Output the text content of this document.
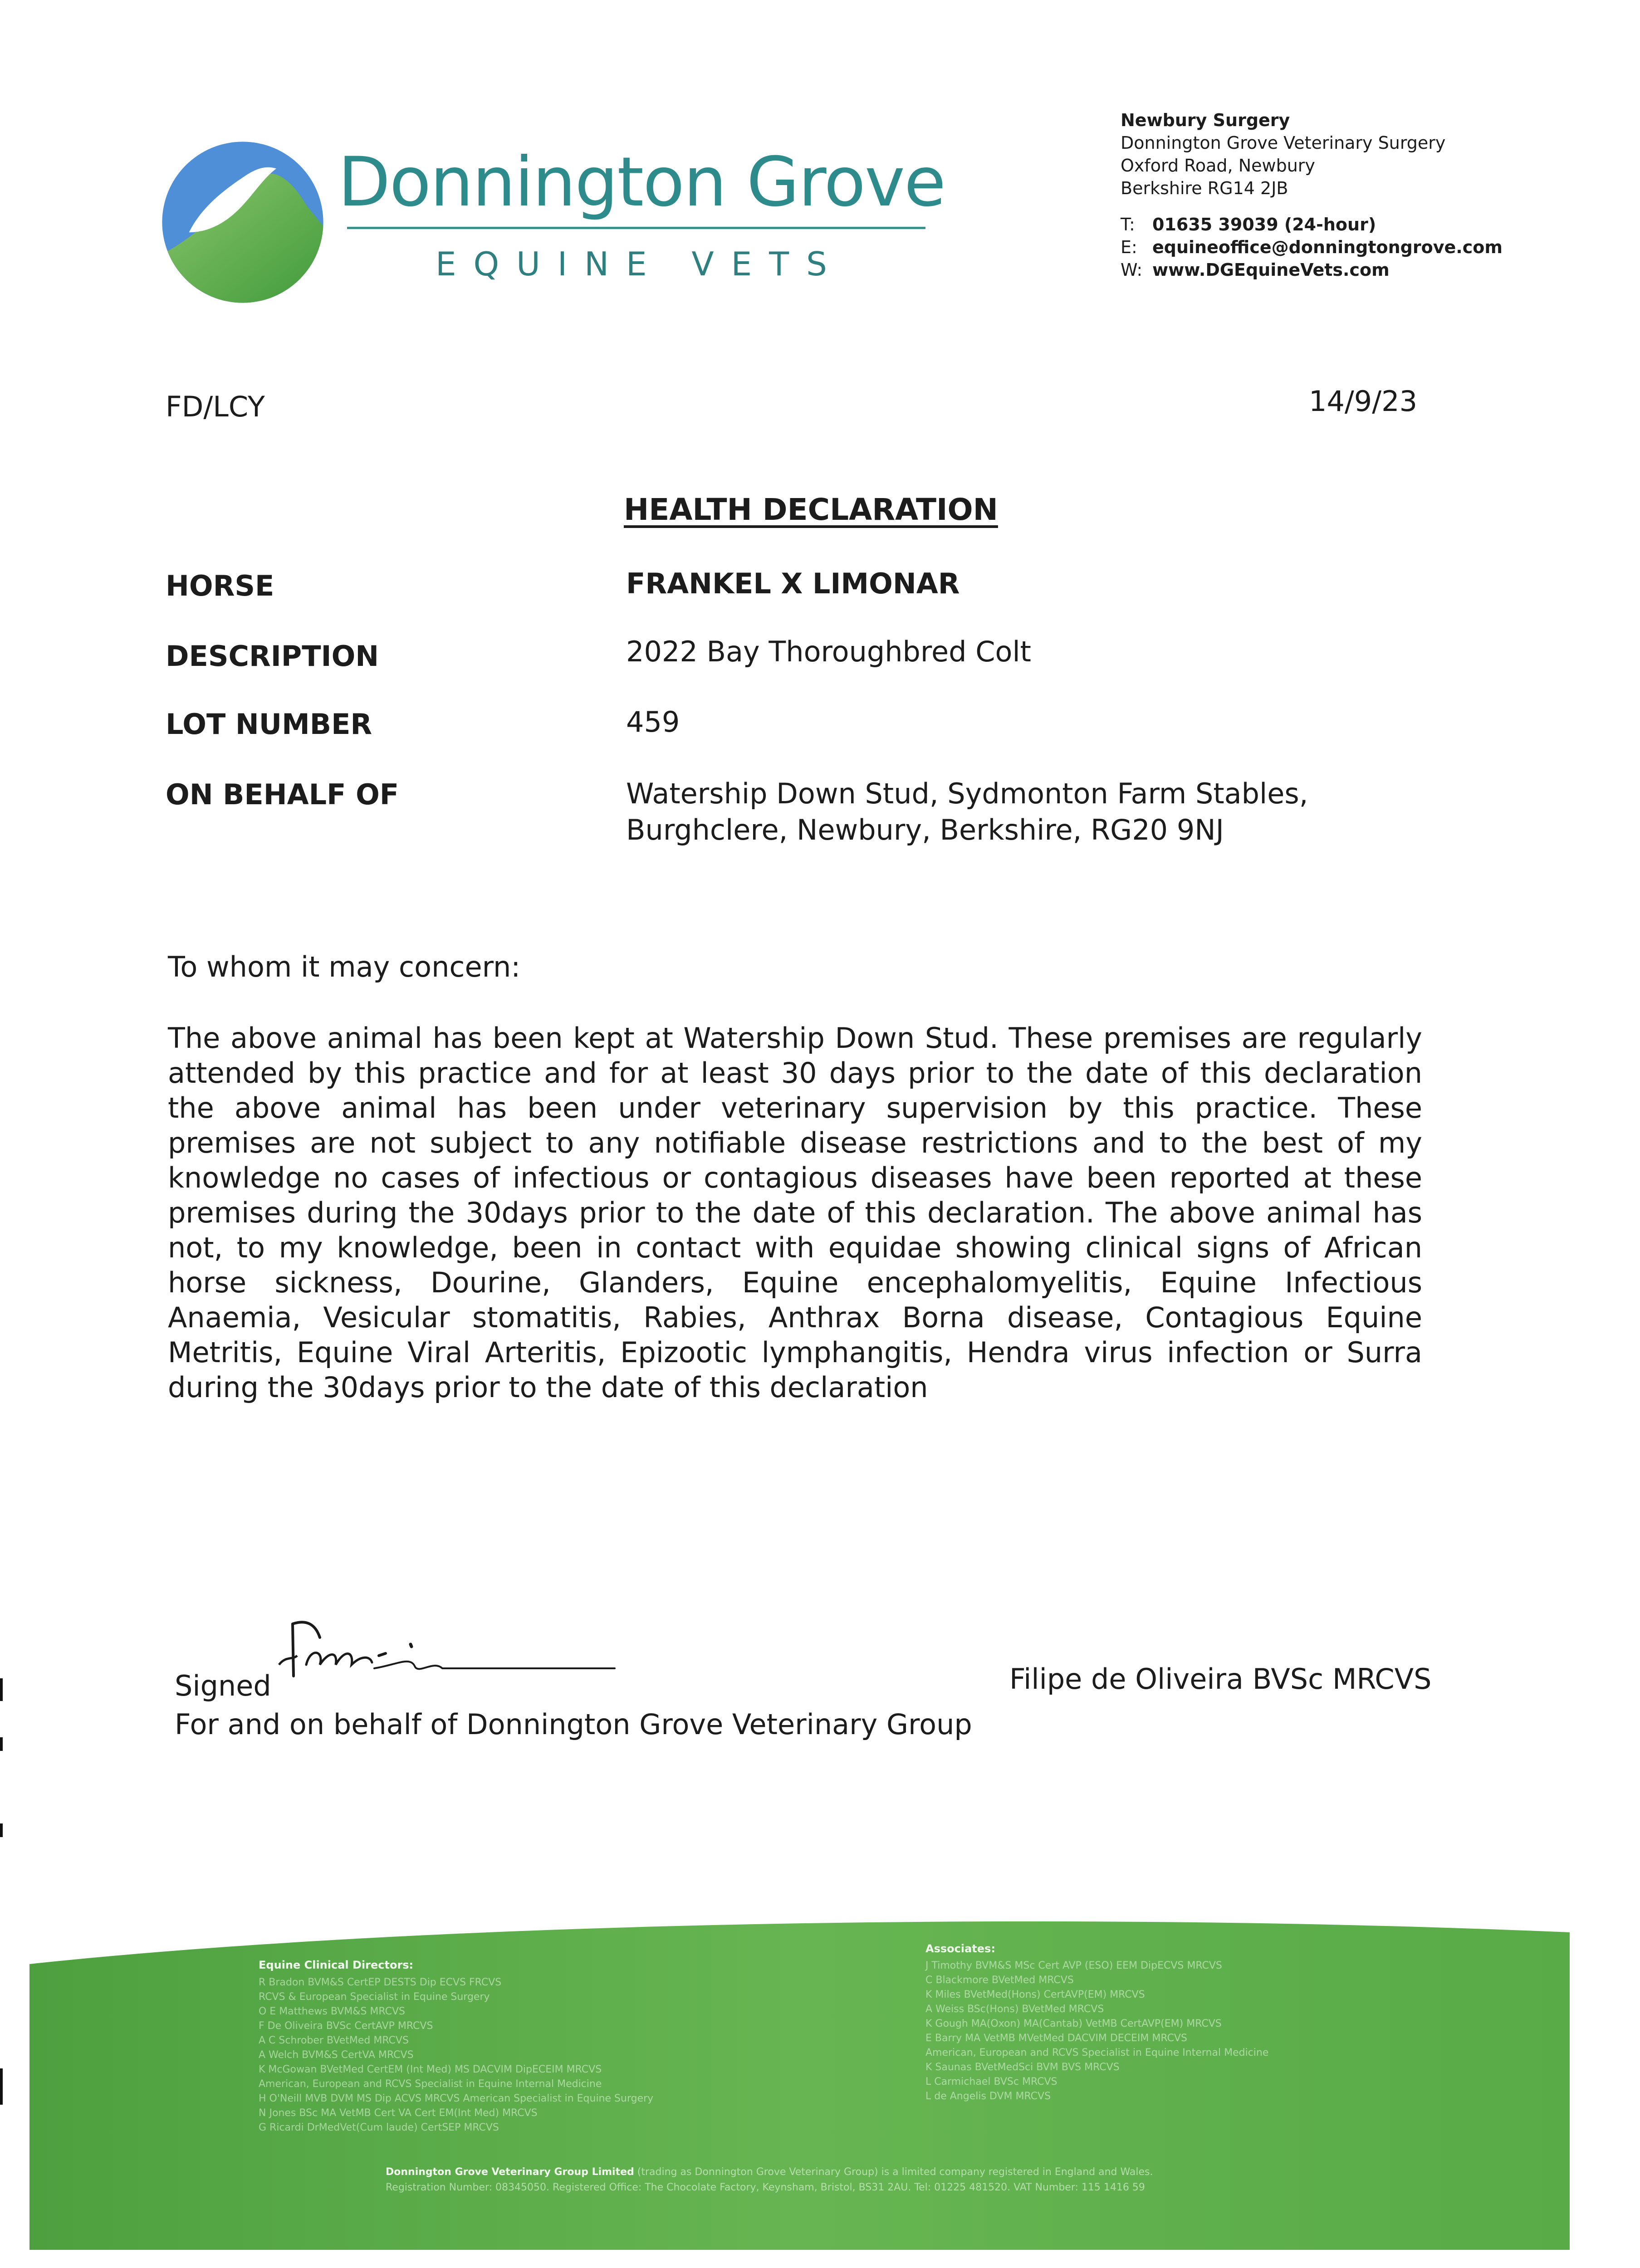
Donnington Grove
EQUINE VETS
Newbury Surgery
Donnington Grove Veterinary Surgery
Oxford Road, Newbury
Berkshire RG14 2JB
T: 01635 39039 (24-hour)
E: equineoffice@donningtongrove.com
W: www.DGEquineVets.com
FD/LCY	14/9/23
HEALTH DECLARATION
HORSE	FRANKEL X LIMONAR
DESCRIPTION	2022 Bay Thoroughbred Colt
LOT NUMBER	459
ON BEHALF OF	Watership Down Stud, Sydmonton Farm Stables,
Burghclere, Newbury, Berkshire, RG20 9NJ
To whom it may concern:
The above animal has been kept at Watership Down Stud. These premises are regularly attended by this practice and for at least 30 days prior to the date of this declaration the above animal has been under veterinary supervision by this practice. These premises are not subject to any notifiable disease restrictions and to the best of my knowledge no cases of infectious or contagious diseases have been reported at these premises during the 30days prior to the date of this declaration. The above animal has not, to my knowledge, been in contact with equidae showing clinical signs of African horse sickness, Dourine, Glanders, Equine encephalomyelitis, Equine Infectious Anaemia, Vesicular stomatitis, Rabies, Anthrax Borna disease, Contagious Equine Metritis, Equine Viral Arteritis, Epizootic lymphangitis, Hendra virus infection or Surra during the 30days prior to the date of this declaration
Signed
For and on behalf of Donnington Grove Veterinary Group
Filipe de Oliveira BVSc MRCVS
Equine Clinical Directors:
R Bradon BVM&S CertEP DESTS Dip ECVS FRCVS
RCVS & European Specialist in Equine Surgery
O E Matthews BVM&S MRCVS
F De Oliveira BVSc CertAVP MRCVS
A C Schrober BVetMed MRCVS
A Welch BVM&S CertVA MRCVS
K McGowan BVetMed CertEM (Int Med) MS DACVIM DipECEIM MRCVS
American, European and RCVS Specialist in Equine Internal Medicine
H O'Neill MVB DVM MS Dip ACVS MRCVS American Specialist in Equine Surgery
N Jones BSc MA VetMB Cert VA Cert EM(Int Med) MRCVS
G Ricardi DrMedVet(Cum laude) CertSEP MRCVS
Associates:
J Timothy BVM&S MSc Cert AVP (ESO) EEM DipECVS MRCVS
C Blackmore BVetMed MRCVS
K Miles BVetMed(Hons) CertAVP(EM) MRCVS
A Weiss BSc(Hons) BVetMed MRCVS
K Gough MA(Oxon) MA(Cantab) VetMB CertAVP(EM) MRCVS
E Barry MA VetMB MVetMed DACVIM DECEIM MRCVS
American, European and RCVS Specialist in Equine Internal Medicine
K Saunas BVetMedSci BVM BVS MRCVS
L Carmichael BVSc MRCVS
L de Angelis DVM MRCVS
Donnington Grove Veterinary Group Limited (trading as Donnington Grove Veterinary Group) is a limited company registered in England and Wales.
Registration Number: 08345050. Registered Office: The Chocolate Factory, Keynsham, Bristol, BS31 2AU. Tel: 01225 481520. VAT Number: 115 1416 59
